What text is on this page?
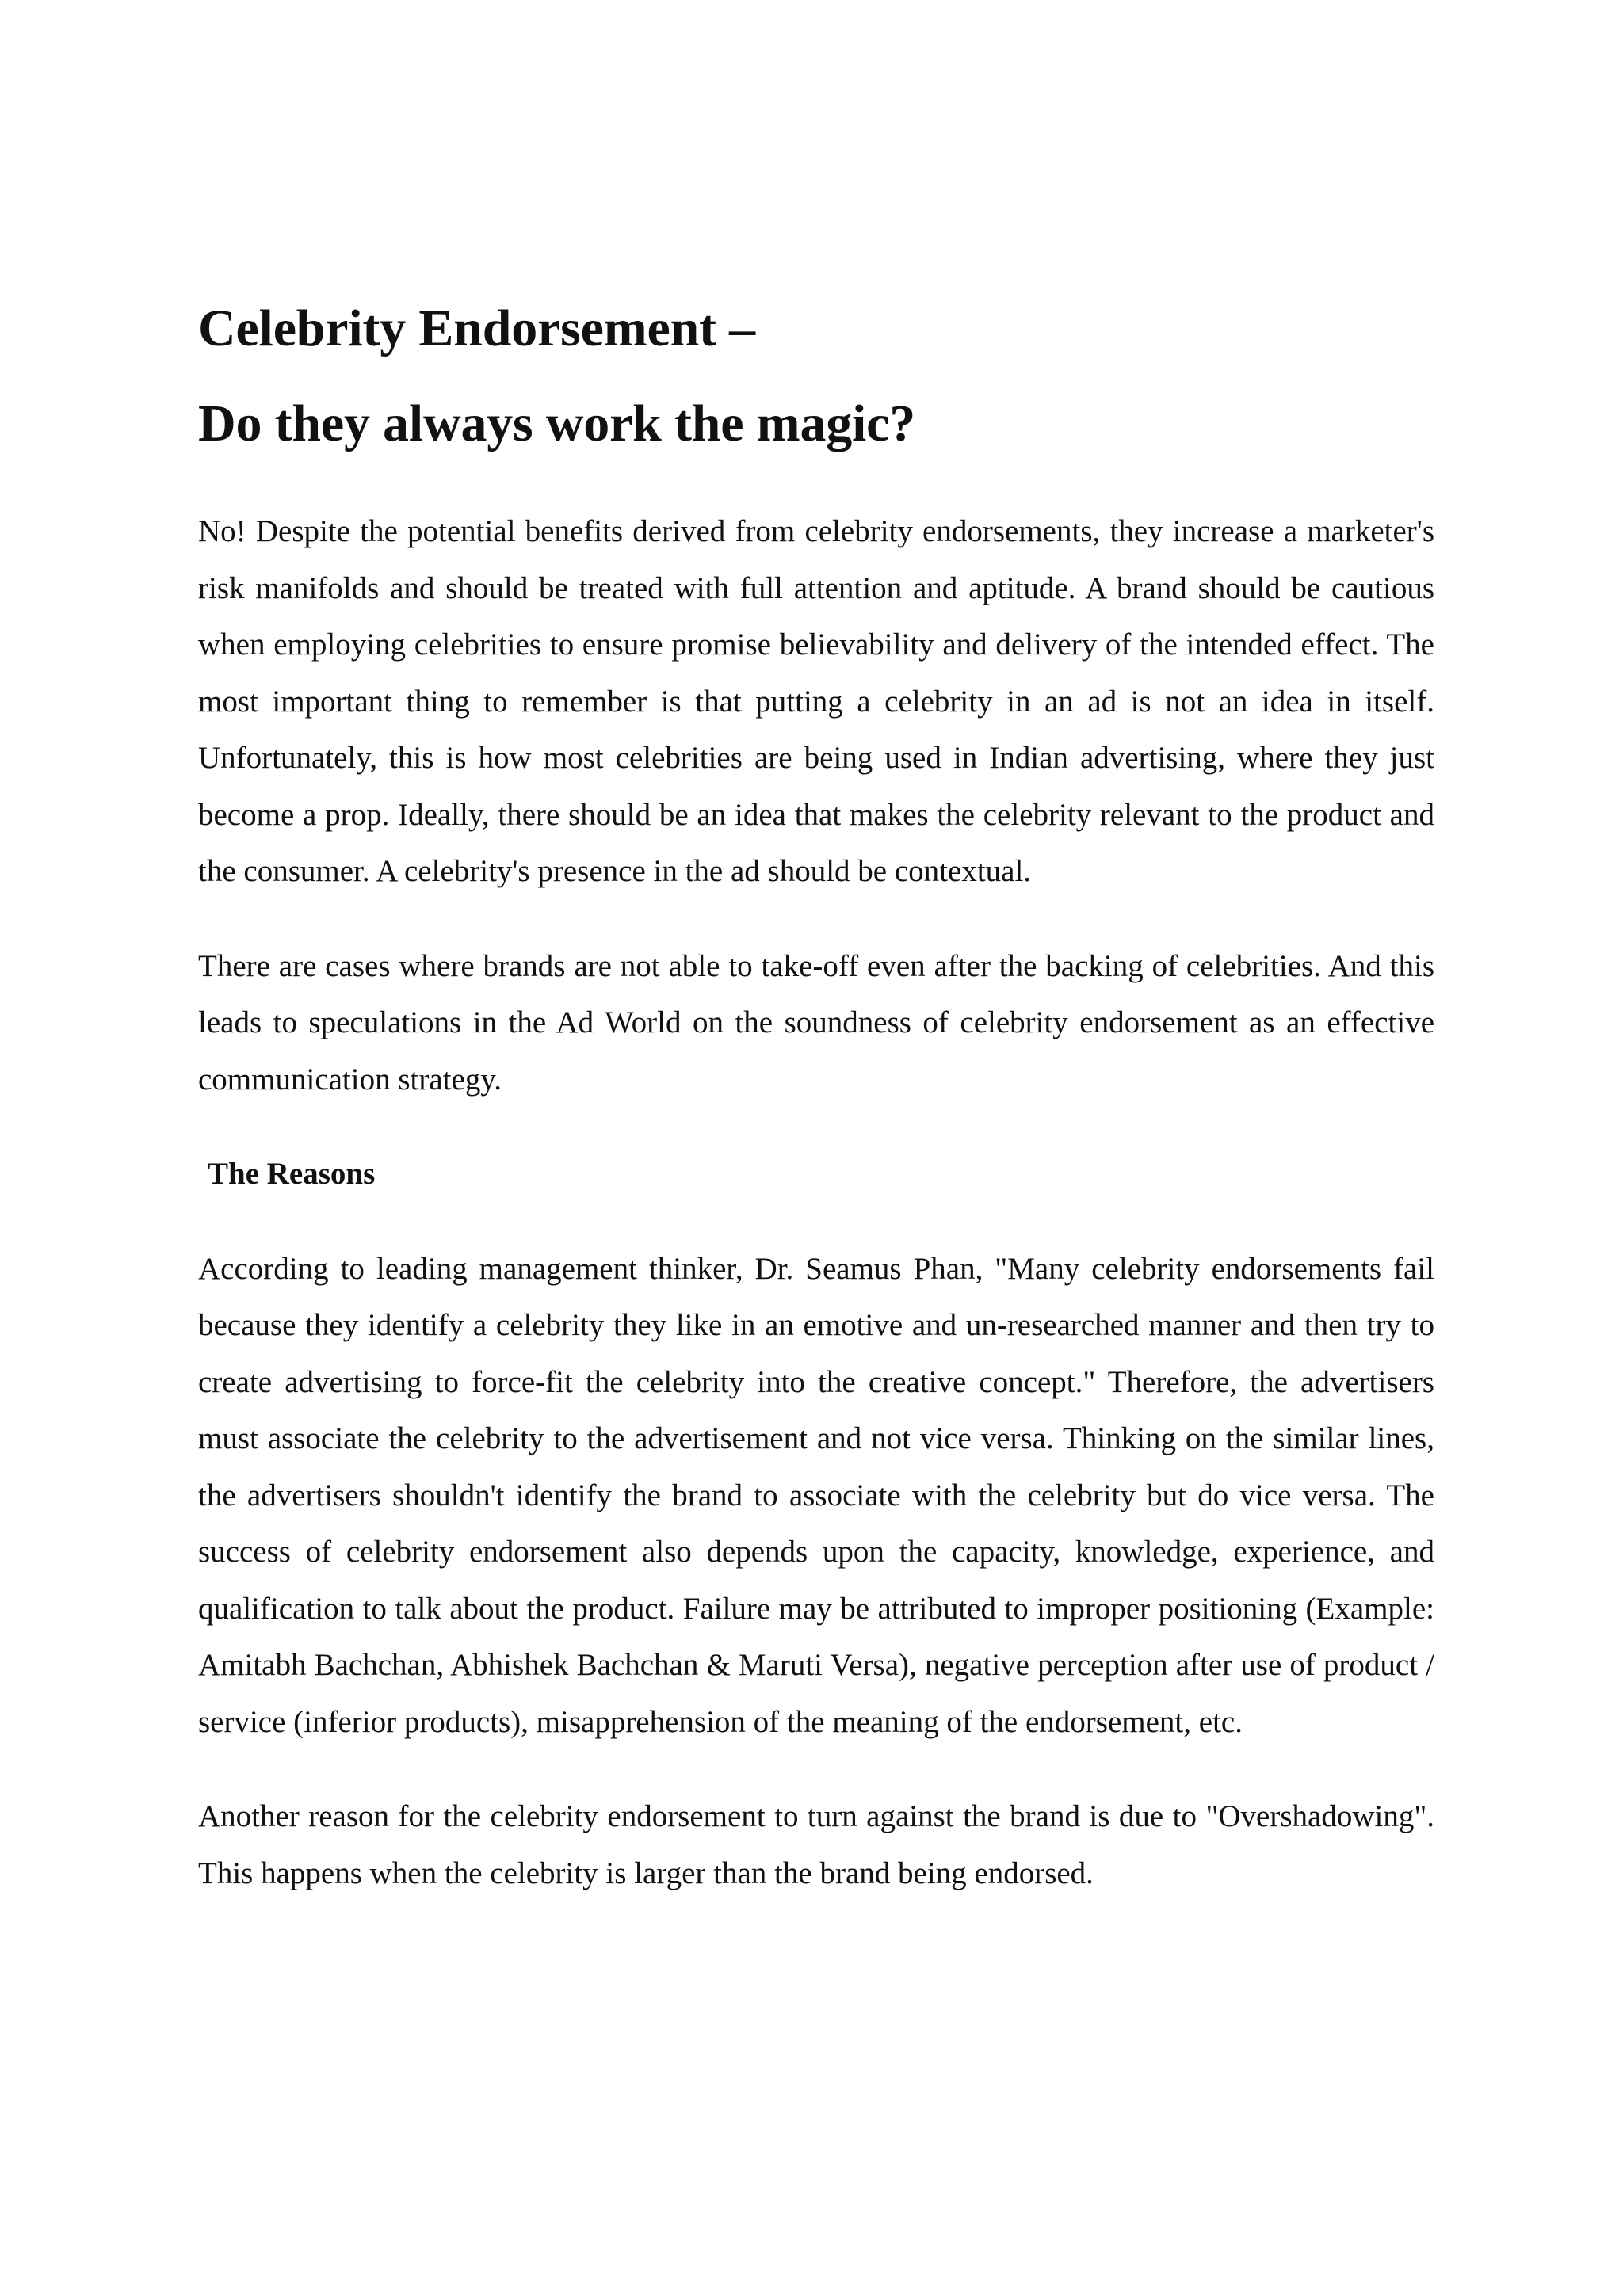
Celebrity Endorsement –
Do they always work the magic?

No! Despite the potential benefits derived from celebrity endorsements, they increase a marketer's risk manifolds and should be treated with full attention and aptitude. A brand should be cautious when employing celebrities to ensure promise believability and delivery of the intended effect. The most important thing to remember is that putting a celebrity in an ad is not an idea in itself. Unfortunately, this is how most celebrities are being used in Indian advertising, where they just become a prop. Ideally, there should be an idea that makes the celebrity relevant to the product and the consumer. A celebrity's presence in the ad should be contextual.

There are cases where brands are not able to take-off even after the backing of celebrities. And this leads to speculations in the Ad World on the soundness of celebrity endorsement as an effective communication strategy.

The Reasons

According to leading management thinker, Dr. Seamus Phan, "Many celebrity endorsements fail because they identify a celebrity they like in an emotive and un-researched manner and then try to create advertising to force-fit the celebrity into the creative concept." Therefore, the advertisers must associate the celebrity to the advertisement and not vice versa. Thinking on the similar lines, the advertisers shouldn't identify the brand to associate with the celebrity but do vice versa. The success of celebrity endorsement also depends upon the capacity, knowledge, experience, and qualification to talk about the product. Failure may be attributed to improper positioning (Example: Amitabh Bachchan, Abhishek Bachchan & Maruti Versa), negative perception after use of product / service (inferior products), misapprehension of the meaning of the endorsement, etc.

Another reason for the celebrity endorsement to turn against the brand is due to "Overshadowing". This happens when the celebrity is larger than the brand being endorsed.
